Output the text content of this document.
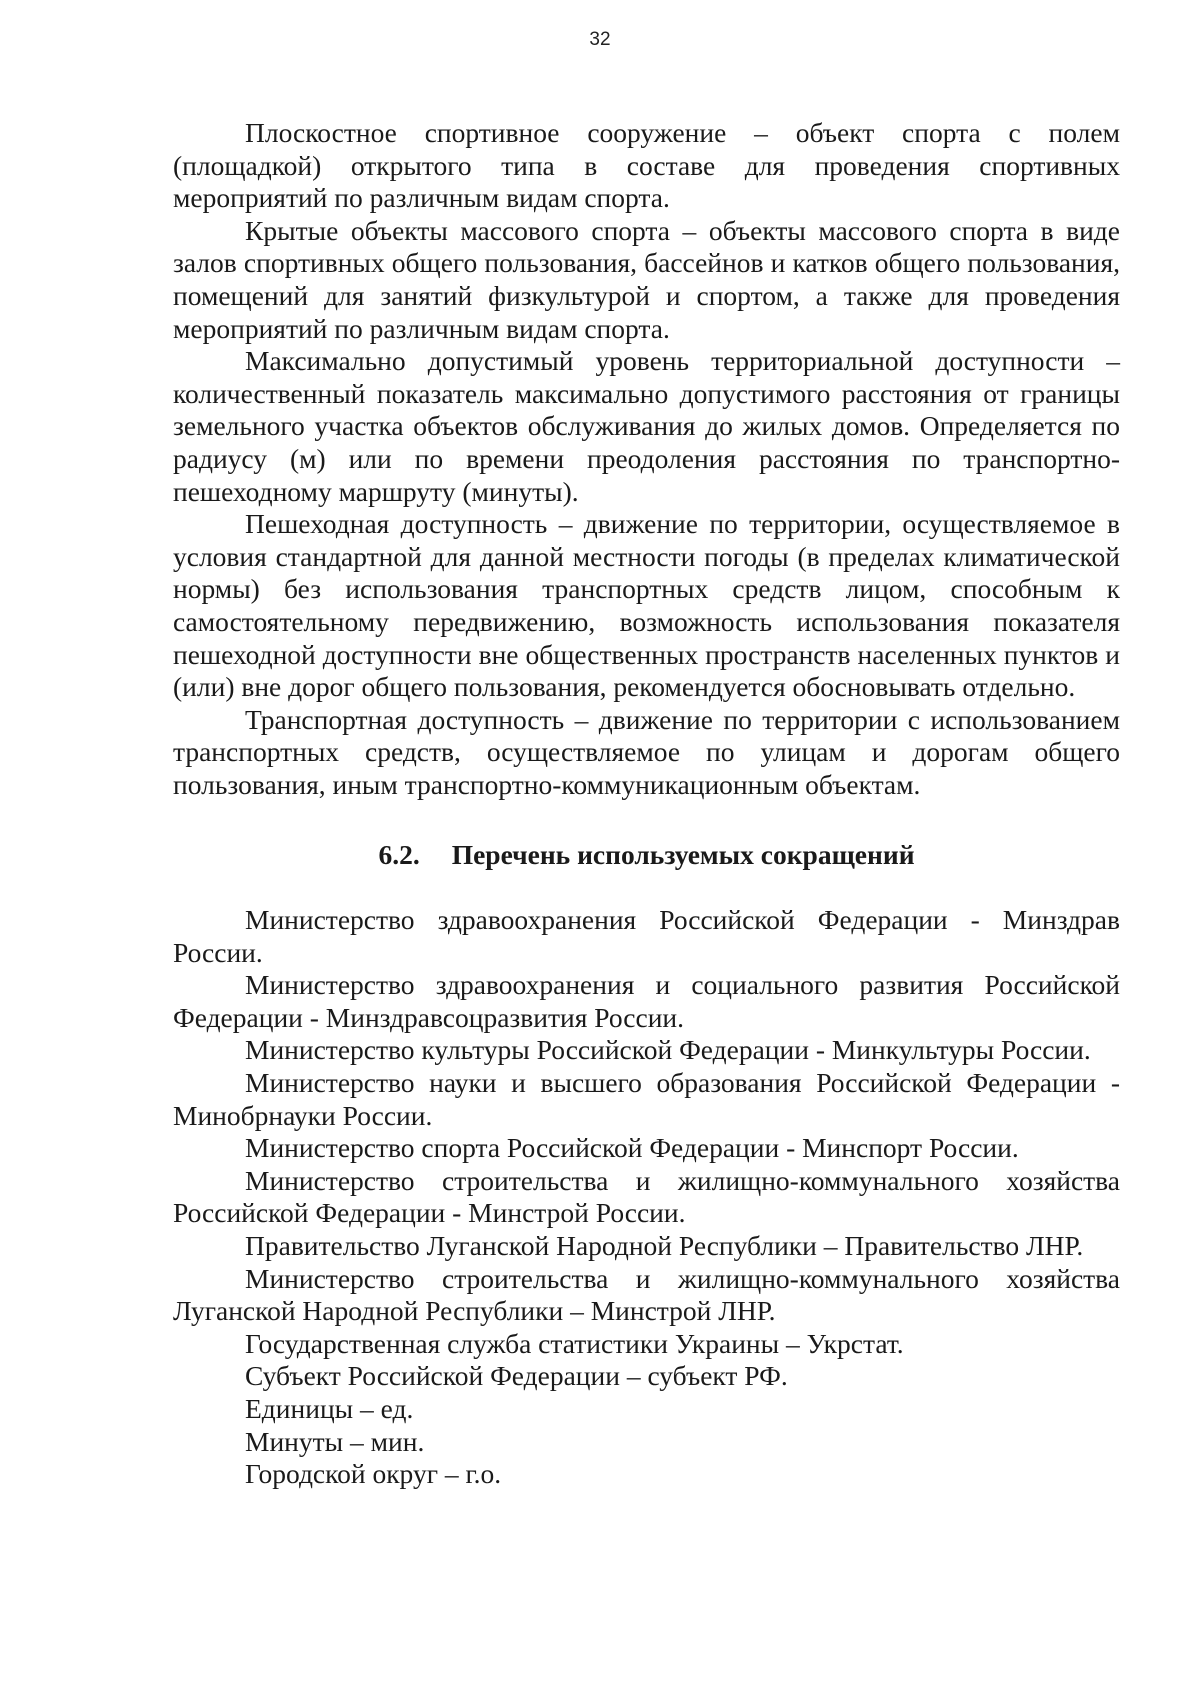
32

Плоскостное спортивное сооружение – объект спорта с полем (площадкой) открытого типа в составе для проведения спортивных мероприятий по различным видам спорта.

Крытые объекты массового спорта – объекты массового спорта в виде залов спортивных общего пользования, бассейнов и катков общего пользования, помещений для занятий физкультурой и спортом, а также для проведения мероприятий по различным видам спорта.

Максимально допустимый уровень территориальной доступности – количественный показатель максимально допустимого расстояния от границы земельного участка объектов обслуживания до жилых домов. Определяется по радиусу (м) или по времени преодоления расстояния по транспортно-пешеходному маршруту (минуты).

Пешеходная доступность – движение по территории, осуществляемое в условия стандартной для данной местности погоды (в пределах климатической нормы) без использования транспортных средств лицом, способным к самостоятельному передвижению, возможность использования показателя пешеходной доступности вне общественных пространств населенных пунктов и (или) вне дорог общего пользования, рекомендуется обосновывать отдельно.

Транспортная доступность – движение по территории с использованием транспортных средств, осуществляемое по улицам и дорогам общего пользования, иным транспортно-коммуникационным объектам.

6.2. Перечень используемых сокращений

Министерство здравоохранения Российской Федерации - Минздрав России.

Министерство здравоохранения и социального развития Российской Федерации - Минздравсоцразвития России.

Министерство культуры Российской Федерации - Минкультуры России.

Министерство науки и высшего образования Российской Федерации - Минобрнауки России.

Министерство спорта Российской Федерации - Минспорт России.

Министерство строительства и жилищно-коммунального хозяйства Российской Федерации - Минстрой России.

Правительство Луганской Народной Республики – Правительство ЛНР.

Министерство строительства и жилищно-коммунального хозяйства Луганской Народной Республики – Минстрой ЛНР.

Государственная служба статистики Украины – Укрстат.

Субъект Российской Федерации – субъект РФ.

Единицы – ед.

Минуты – мин.

Городской округ – г.о.
